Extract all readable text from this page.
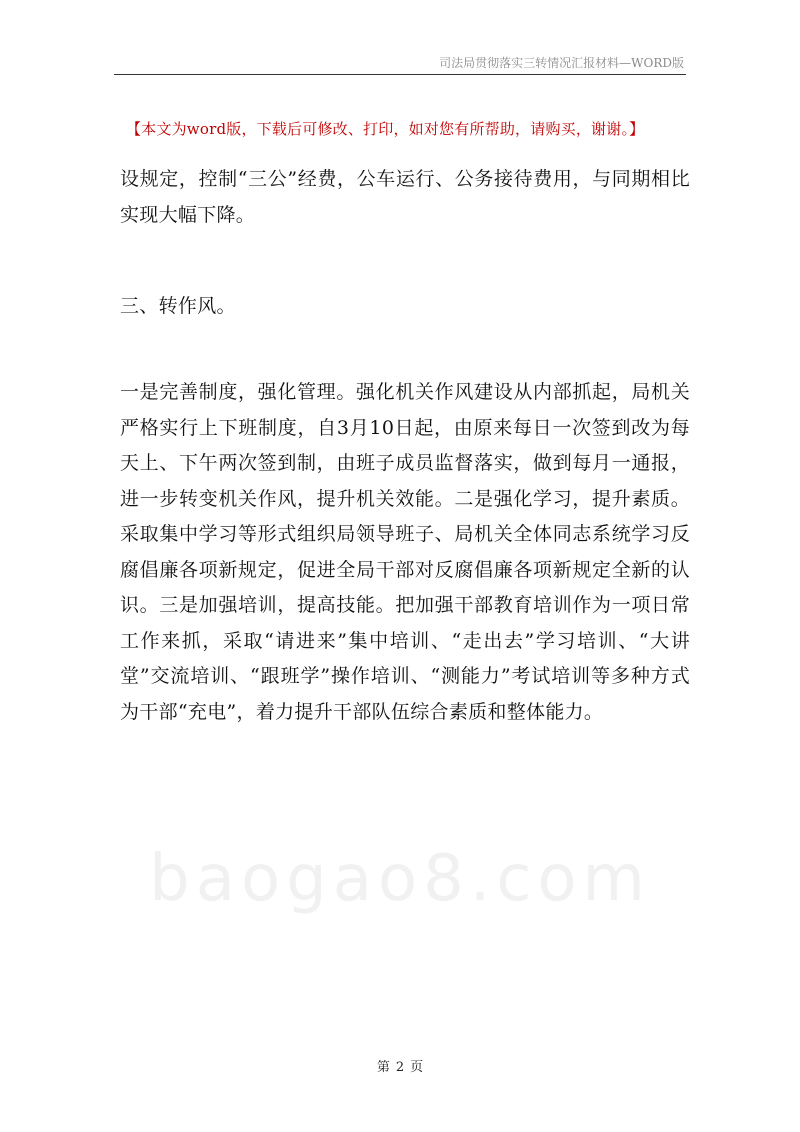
司法局贯彻落实三转情况汇报材料—WORD版
【本文为word版，下载后可修改、打印，如对您有所帮助，请购买，谢谢。】
设规定，控制“三公”经费，公车运行、公务接待费用，与同期相比实现大幅下降。
三、转作风。
一是完善制度，强化管理。强化机关作风建设从内部抓起，局机关严格实行上下班制度，自3月10日起，由原来每日一次签到改为每天上、下午两次签到制，由班子成员监督落实，做到每月一通报，进一步转变机关作风，提升机关效能。二是强化学习，提升素质。采取集中学习等形式组织局领导班子、局机关全体同志系统学习反腐倡廉各项新规定，促进全局干部对反腐倡廉各项新规定全新的认识。三是加强培训，提高技能。把加强干部教育培训作为一项日常工作来抓，采取“请进来”集中培训、“走出去”学习培训、“大讲堂”交流培训、“跟班学”操作培训、“测能力”考试培训等多种方式为干部“充电”，着力提升干部队伍综合素质和整体能力。
baogao8.com
第 2 页
